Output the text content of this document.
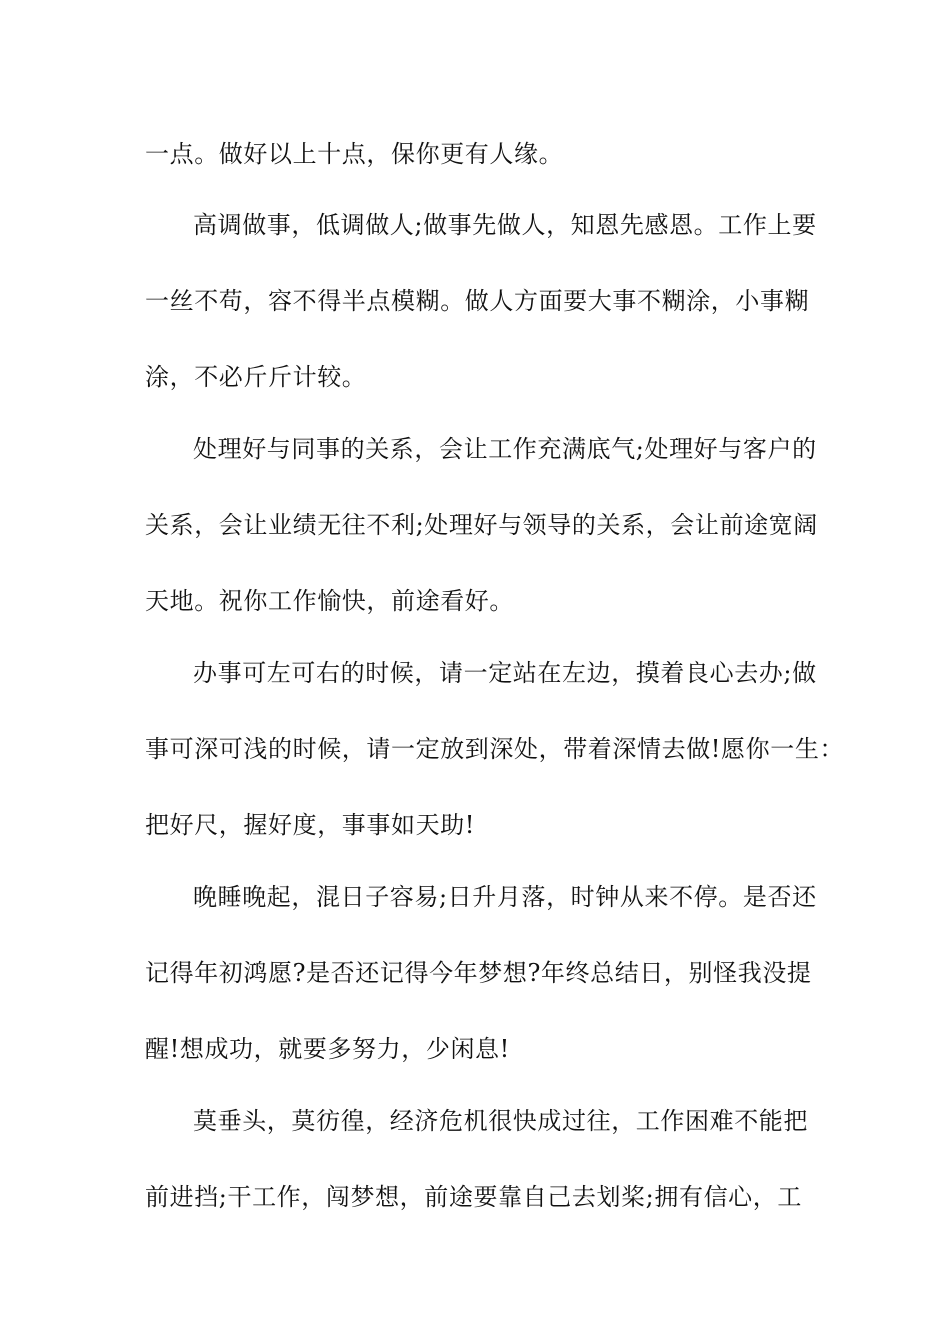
一点。做好以上十点，保你更有人缘。
高调做事，低调做人;做事先做人，知恩先感恩。工作上要
一丝不苟，容不得半点模糊。做人方面要大事不糊涂，小事糊
涂，不必斤斤计较。
处理好与同事的关系，会让工作充满底气;处理好与客户的
关系，会让业绩无往不利;处理好与领导的关系，会让前途宽阔
天地。祝你工作愉快，前途看好。
办事可左可右的时候，请一定站在左边，摸着良心去办;做
事可深可浅的时候，请一定放到深处，带着深情去做!愿你一生：
把好尺，握好度，事事如天助!
晚睡晚起，混日子容易;日升月落，时钟从来不停。是否还
记得年初鸿愿?是否还记得今年梦想?年终总结日，别怪我没提
醒!想成功，就要多努力，少闲息!
莫垂头，莫彷徨，经济危机很快成过往，工作困难不能把
前进挡;干工作，闯梦想，前途要靠自己去划桨;拥有信心，工
